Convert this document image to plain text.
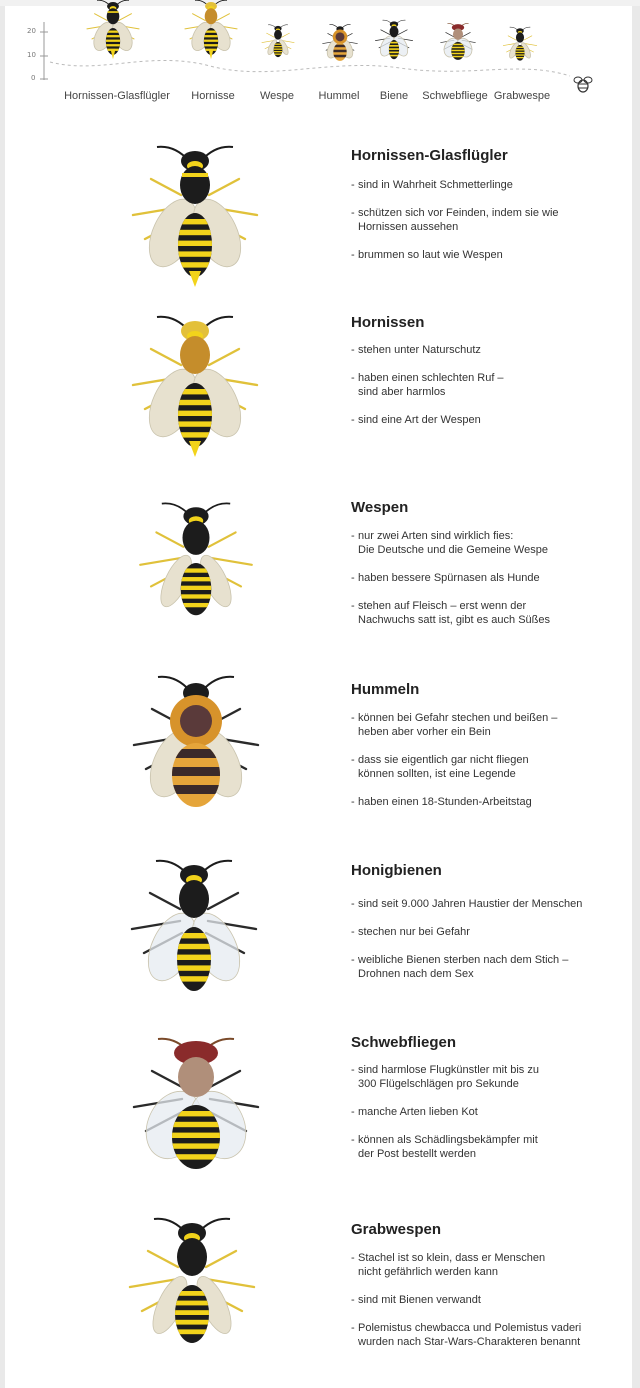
20
10
0
Hornissen-Glasflügler Hornisse Wespe Hummel Biene Schwebfliege Grabwespe
Hornissen-Glasflügler
- sind in Wahrheit Schmetterlinge
- schützen sich vor Feinden, indem sie wie
Hornissen aussehen
- brummen so laut wie Wespen
Hornissen
- stehen unter Naturschutz
- haben einen schlechten Ruf –
sind aber harmlos
- sind eine Art der Wespen
Wespen
- nur zwei Arten sind wirklich fies:
Die Deutsche und die Gemeine Wespe
- haben bessere Spürnasen als Hunde
- stehen auf Fleisch – erst wenn der
Nachwuchs satt ist, gibt es auch Süßes
Hummeln
- können bei Gefahr stechen und beißen –
heben aber vorher ein Bein
- dass sie eigentlich gar nicht fliegen
können sollten, ist eine Legende
- haben einen 18-Stunden-Arbeitstag
Honigbienen
- sind seit 9.000 Jahren Haustier der Menschen
- stechen nur bei Gefahr
- weibliche Bienen sterben nach dem Stich –
Drohnen nach dem Sex
Schwebfliegen
- sind harmlose Flugkünstler mit bis zu
300 Flügelschlägen pro Sekunde
- manche Arten lieben Kot
- können als Schädlingsbekämpfer mit
der Post bestellt werden
Grabwespen
- Stachel ist so klein, dass er Menschen
nicht gefährlich werden kann
- sind mit Bienen verwandt
- Polemistus chewbacca und Polemistus vaderi
wurden nach Star-Wars-Charakteren benannt
